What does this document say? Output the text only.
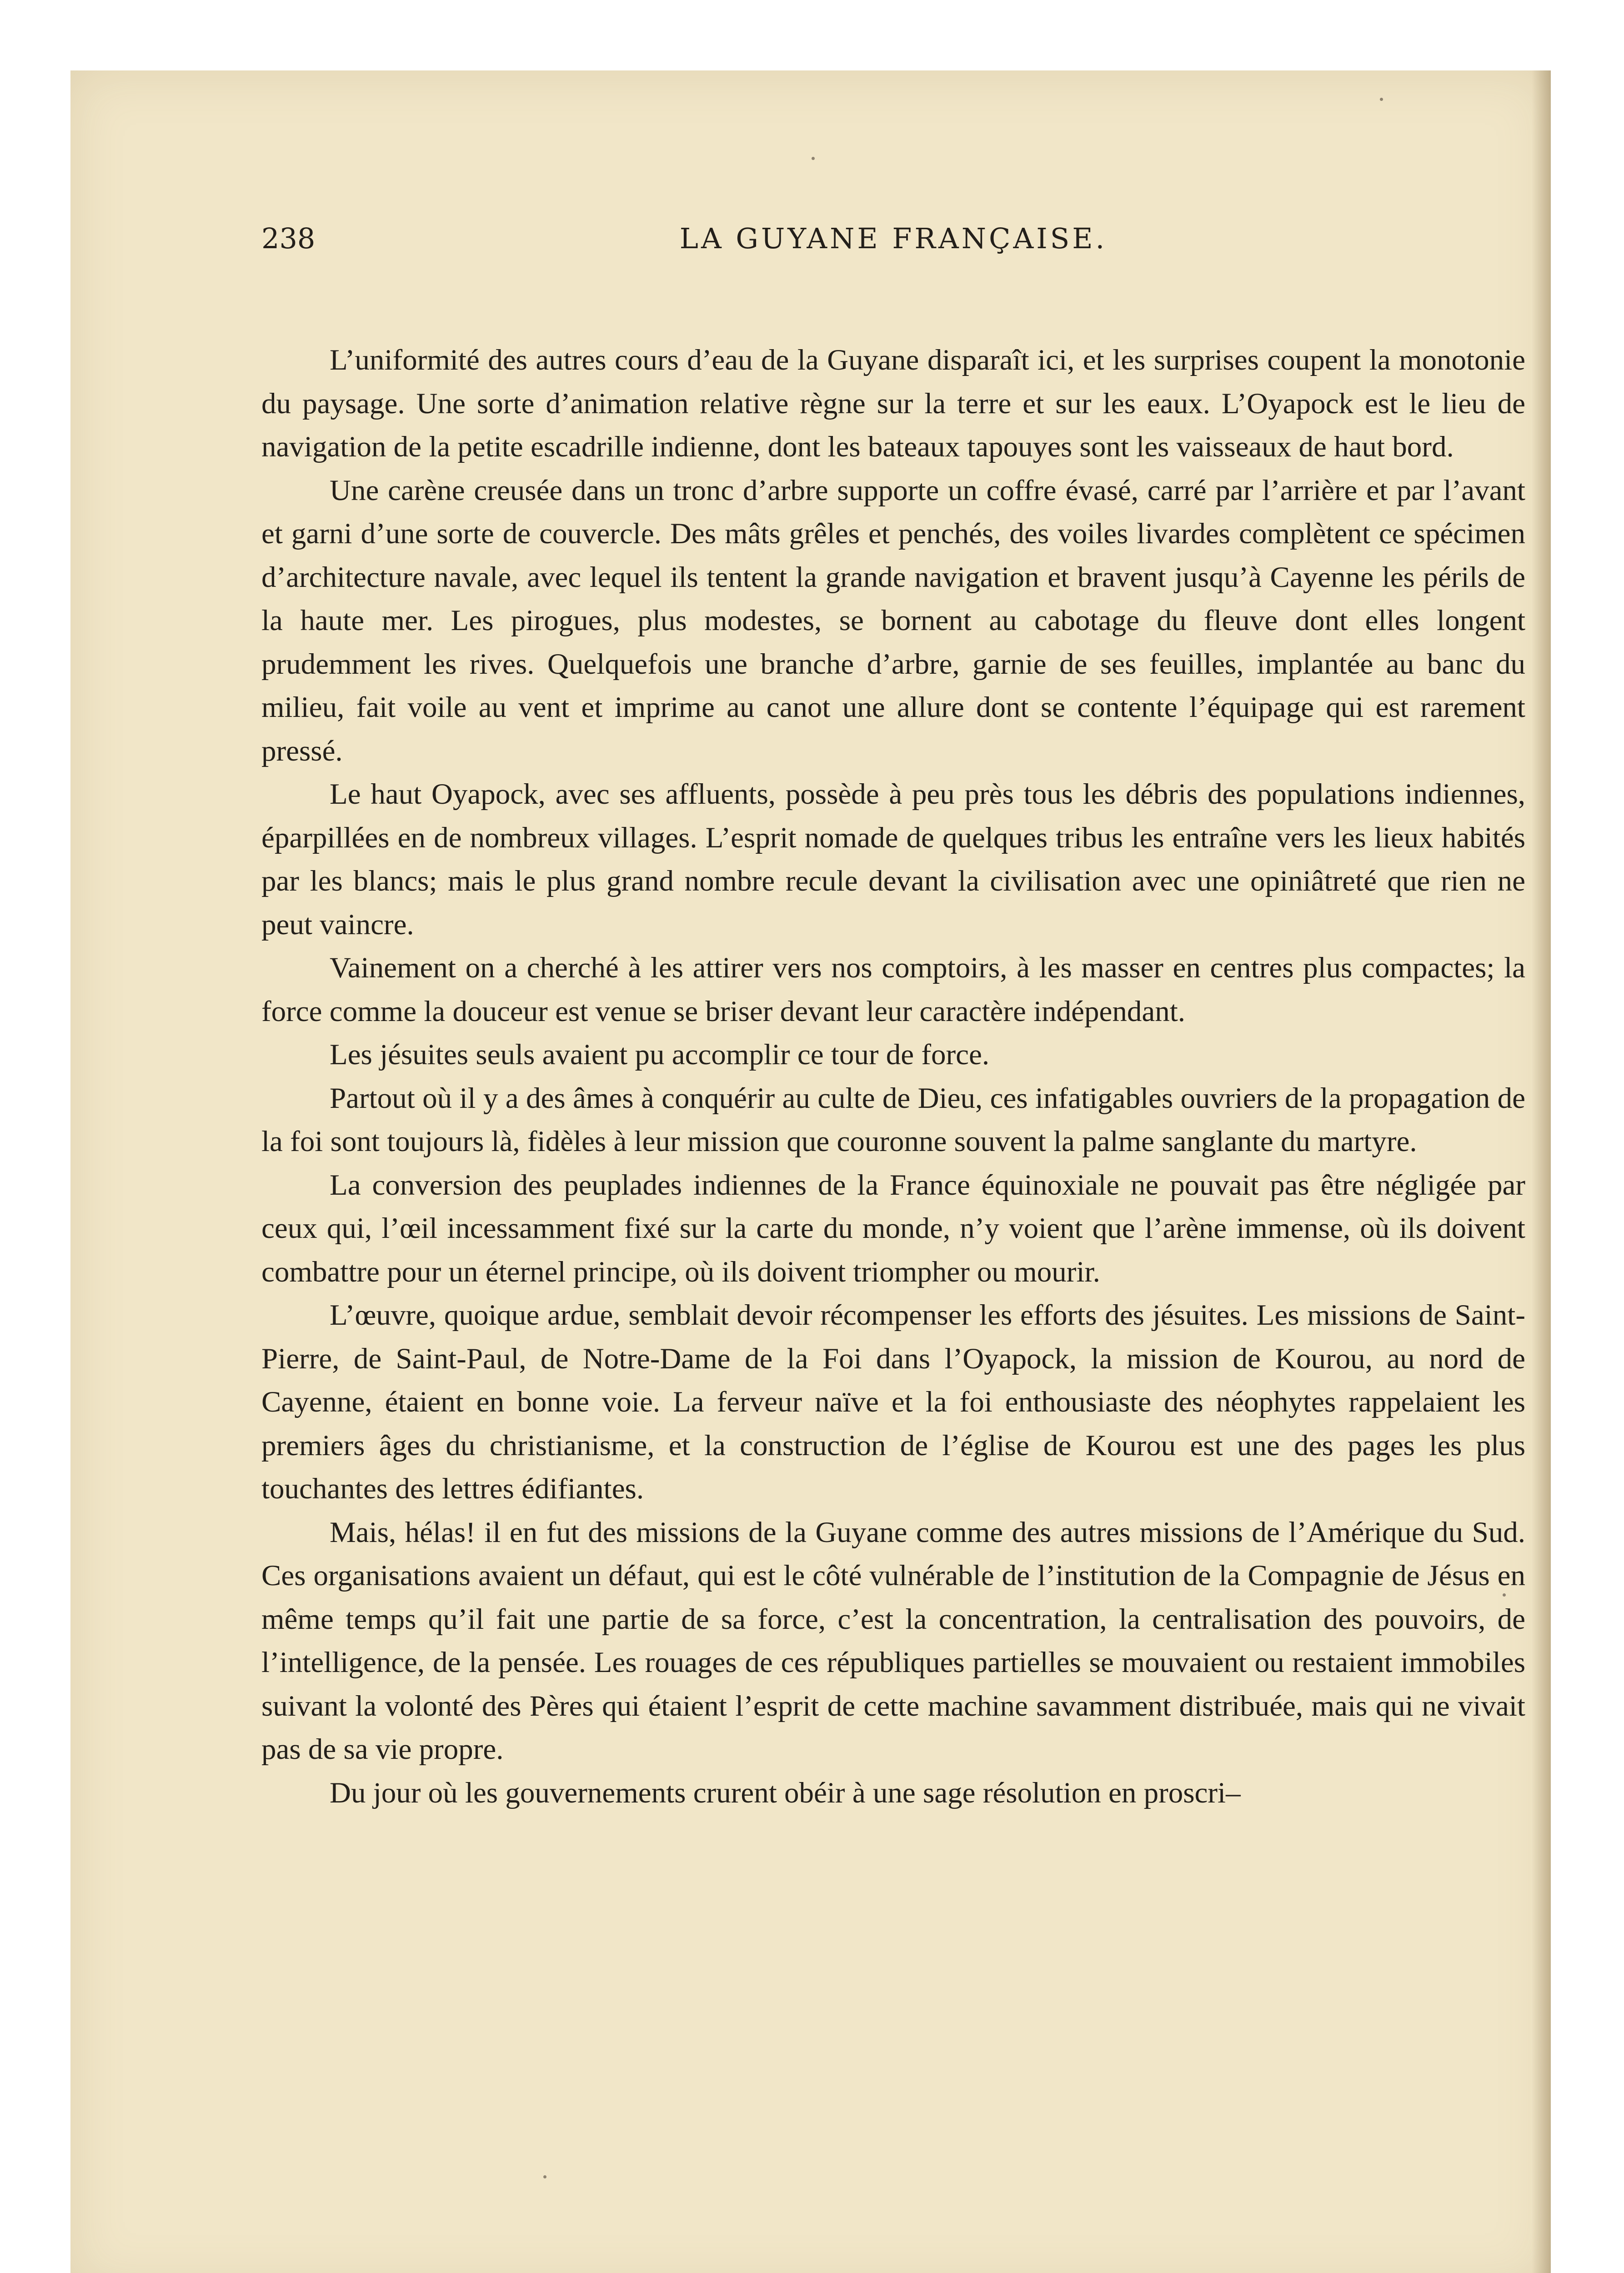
238	LA GUYANE FRANÇAISE.

L’uniformité des autres cours d’eau de la Guyane disparaît ici, et les surprises coupent la monotonie du paysage. Une sorte d’animation relative règne sur la terre et sur les eaux. L’Oyapock est le lieu de navigation de la petite escadrille indienne, dont les bateaux tapouyes sont les vaisseaux de haut bord.

Une carène creusée dans un tronc d’arbre supporte un coffre évasé, carré par l’arrière et par l’avant et garni d’une sorte de couvercle. Des mâts grêles et penchés, des voiles livardes complètent ce spécimen d’architecture navale, avec lequel ils tentent la grande navigation et bravent jusqu’à Cayenne les périls de la haute mer. Les pirogues, plus modestes, se bornent au cabotage du fleuve dont elles longent prudemment les rives. Quelquefois une branche d’arbre, garnie de ses feuilles, implantée au banc du milieu, fait voile au vent et imprime au canot une allure dont se contente l’équipage qui est rarement pressé.

Le haut Oyapock, avec ses affluents, possède à peu près tous les débris des populations indiennes, éparpillées en de nombreux villages. L’esprit nomade de quelques tribus les entraîne vers les lieux habités par les blancs; mais le plus grand nombre recule devant la civilisation avec une opiniâtreté que rien ne peut vaincre.

Vainement on a cherché à les attirer vers nos comptoirs, à les masser en centres plus compactes; la force comme la douceur est venue se briser devant leur caractère indépendant.

Les jésuites seuls avaient pu accomplir ce tour de force.

Partout où il y a des âmes à conquérir au culte de Dieu, ces infatigables ouvriers de la propagation de la foi sont toujours là, fidèles à leur mission que couronne souvent la palme sanglante du martyre.

La conversion des peuplades indiennes de la France équinoxiale ne pouvait pas être négligée par ceux qui, l’œil incessamment fixé sur la carte du monde, n’y voient que l’arène immense, où ils doivent combattre pour un éternel principe, où ils doivent triompher ou mourir.

L’œuvre, quoique ardue, semblait devoir récompenser les efforts des jésuites. Les missions de Saint-Pierre, de Saint-Paul, de Notre-Dame de la Foi dans l’Oyapock, la mission de Kourou, au nord de Cayenne, étaient en bonne voie. La ferveur naïve et la foi enthousiaste des néophytes rappelaient les premiers âges du christianisme, et la construction de l’église de Kourou est une des pages les plus touchantes des lettres édifiantes.

Mais, hélas! il en fut des missions de la Guyane comme des autres missions de l’Amérique du Sud. Ces organisations avaient un défaut, qui est le côté vulnérable de l’institution de la Compagnie de Jésus en même temps qu’il fait une partie de sa force, c’est la concentration, la centralisation des pouvoirs, de l’intelligence, de la pensée. Les rouages de ces républiques partielles se mouvaient ou restaient immobiles suivant la volonté des Pères qui étaient l’esprit de cette machine savamment distribuée, mais qui ne vivait pas de sa vie propre.

Du jour où les gouvernements crurent obéir à une sage résolution en proscri–
